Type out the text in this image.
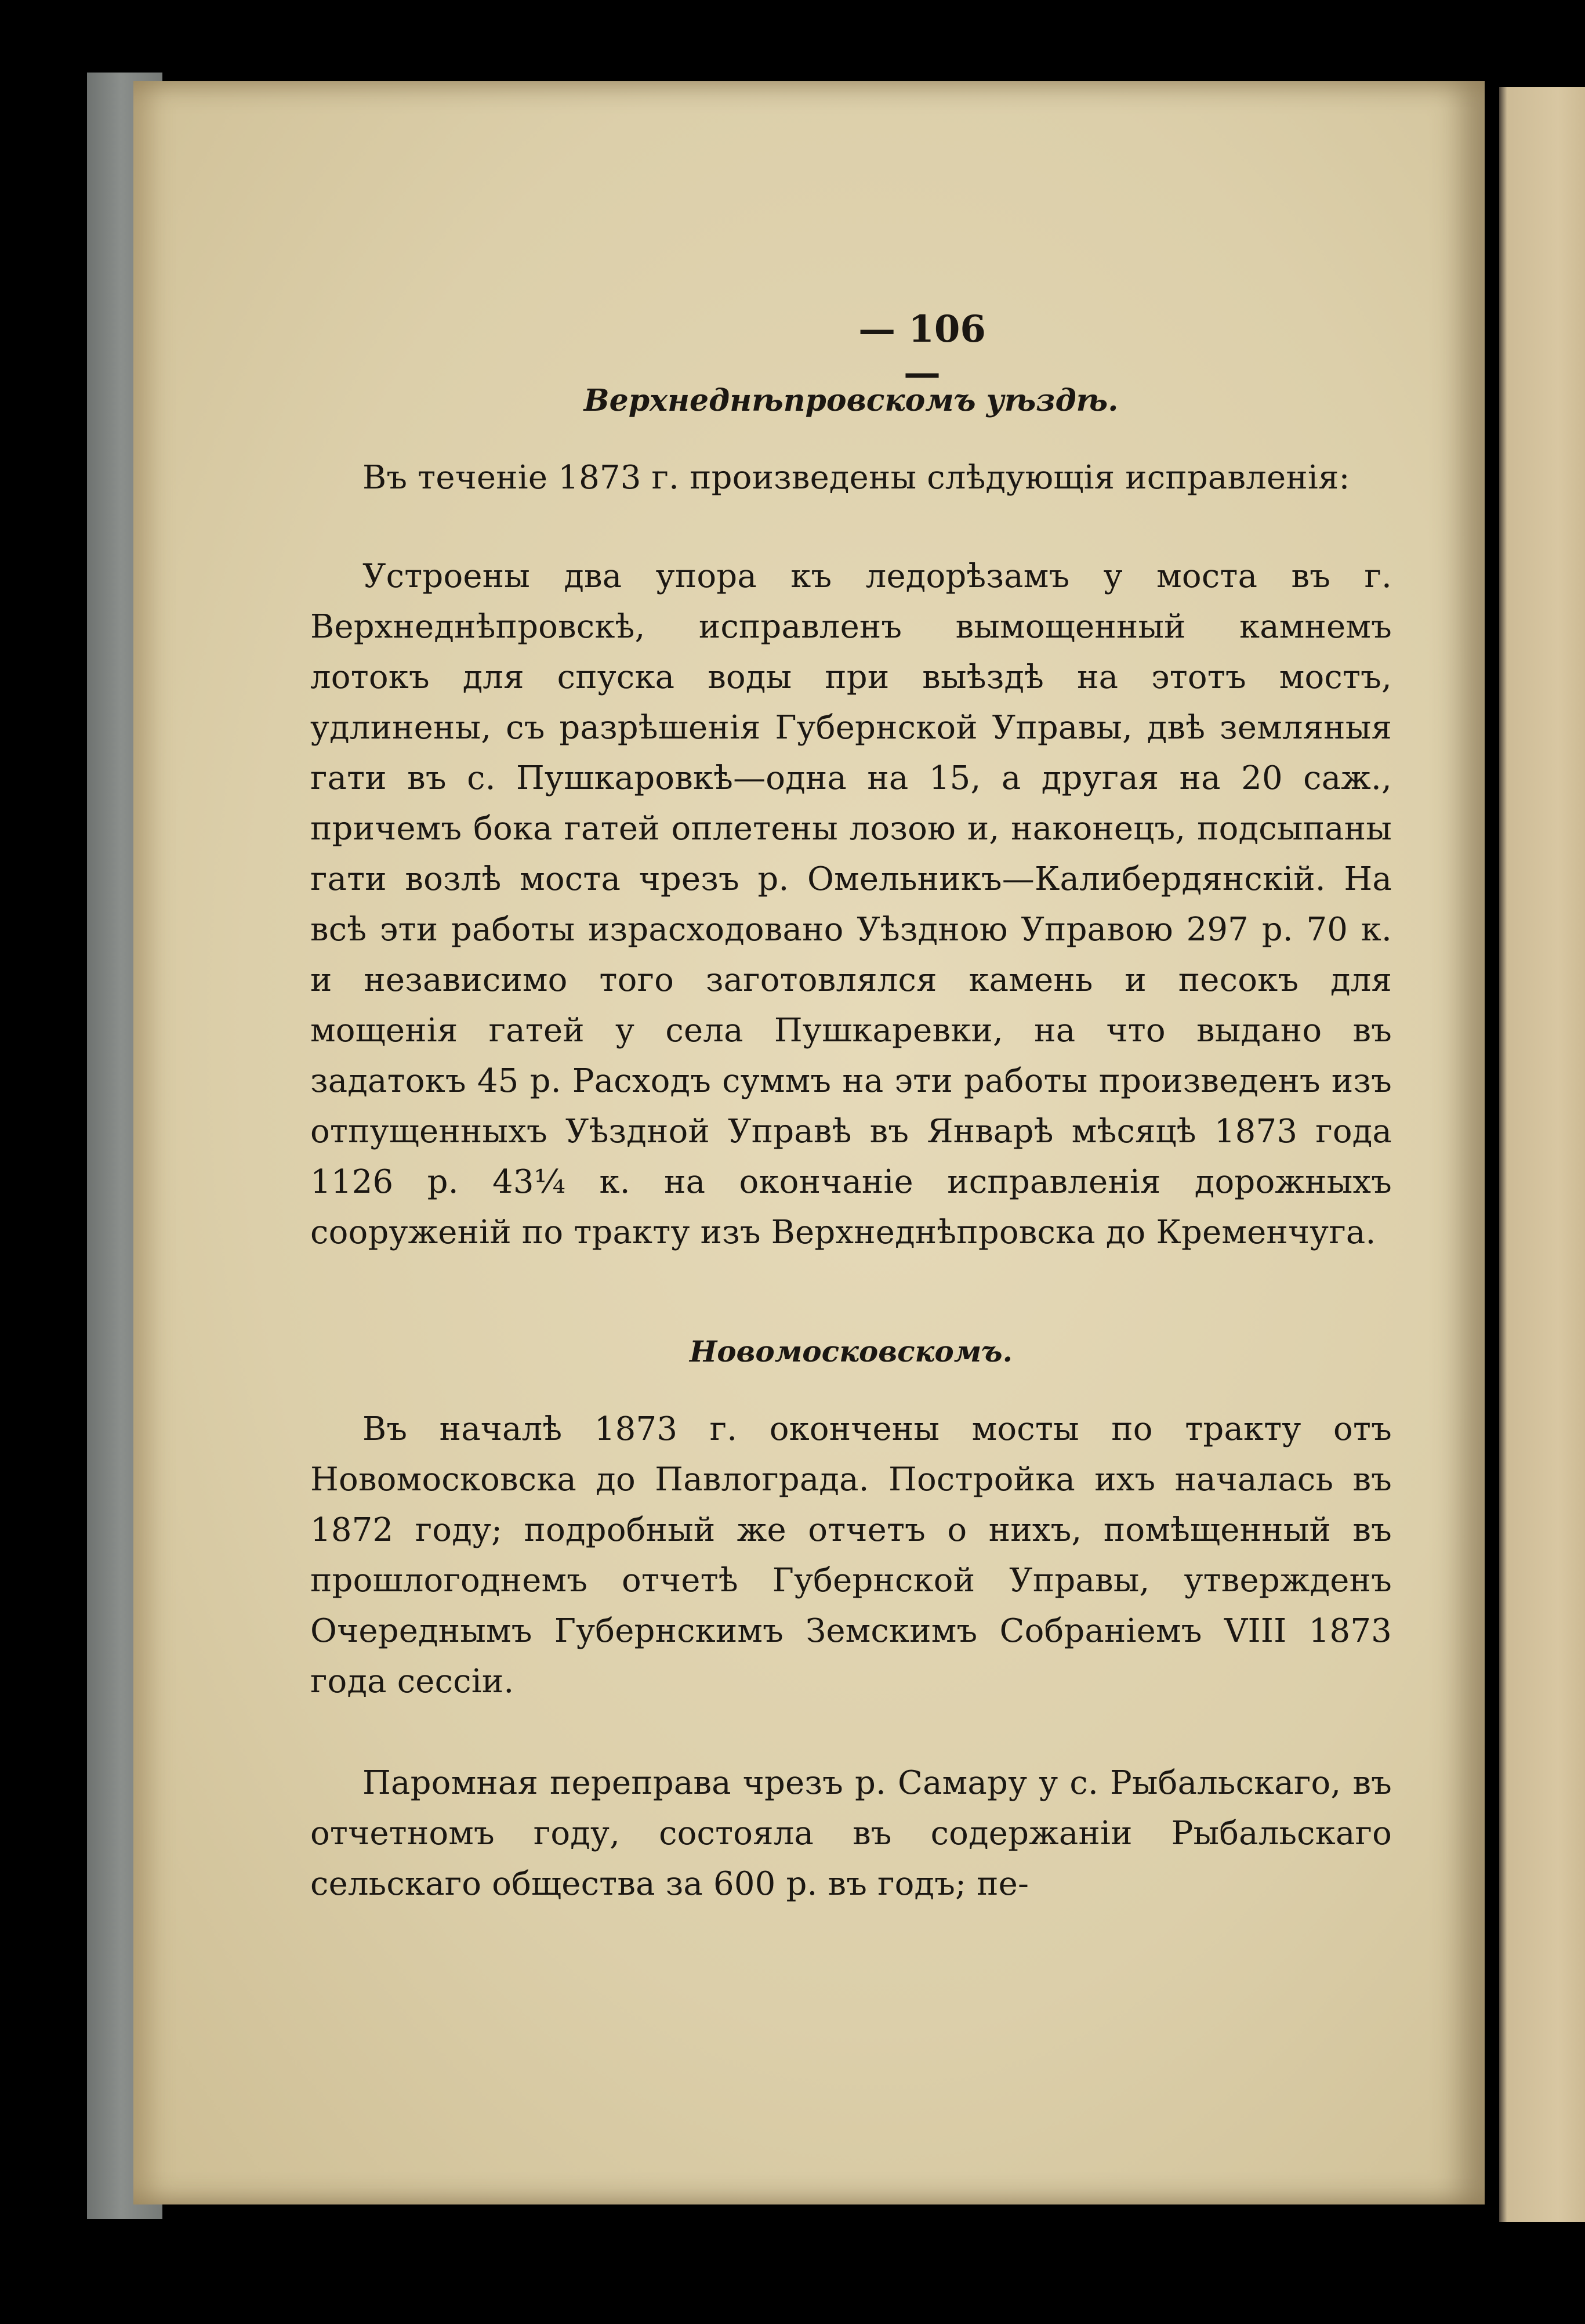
— 106 —
Верхнеднѣпровскомъ уѣздѣ.

Въ теченіе 1873 г. произведены слѣдующія исправленія:

Устроены два упора къ ледорѣзамъ у моста въ г. Верхнеднѣпровскѣ, исправленъ вымощенный камнемъ лотокъ для спуска воды при выѣздѣ на этотъ мостъ, удлинены, съ разрѣшенія Губернской Управы, двѣ земляныя гати въ с. Пушкаровкѣ—одна на 15, а другая на 20 саж., причемъ бока гатей оплетены лозою и, наконецъ, подсыпаны гати возлѣ моста чрезъ р. Омельникъ—Калибердянскій. На всѣ эти работы израсходовано Уѣздною Управою 297 р. 70 к. и независимо того заготовлялся камень и песокъ для мощенія гатей у села Пушкаревки, на что выдано въ задатокъ 45 р. Расходъ суммъ на эти работы произведенъ изъ отпущенныхъ Уѣздной Управѣ въ Январѣ мѣсяцѣ 1873 года 1126 р. 43¼ к. на окончаніе исправленія дорожныхъ сооруженій по тракту изъ Верхнеднѣпровска до Кременчуга.

Новомосковскомъ.

Въ началѣ 1873 г. окончены мосты по тракту отъ Новомосковска до Павлограда. Постройка ихъ началась въ 1872 году; подробный же отчетъ о нихъ, помѣщенный въ прошлогоднемъ отчетѣ Губернской Управы, утвержденъ Очереднымъ Губернскимъ Земскимъ Собраніемъ VIII 1873 года сессіи.

Паромная переправа чрезъ р. Самару у с. Рыбальскаго, въ отчетномъ году, состояла въ содержаніи Рыбальскаго сельскаго общества за 600 р. въ годъ; пе-
